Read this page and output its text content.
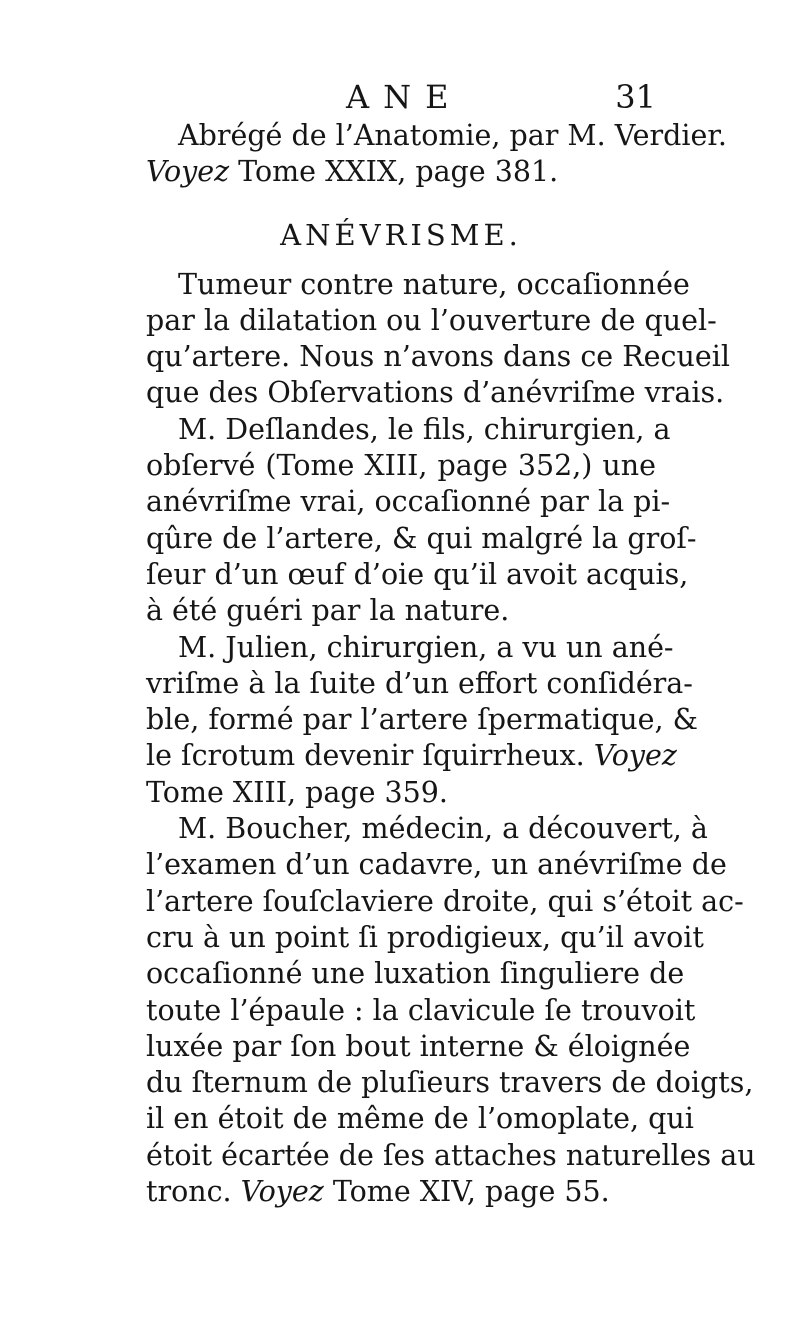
ANE	31
Abrégé de l’Anatomie, par M. Verdier.
Voyez Tome XXIX, page 381.
ANÉVRISME.
Tumeur contre nature, occaſionnée
par la dilatation ou l’ouverture de quel-
qu’artere. Nous n’avons dans ce Recueil
que des Obſervations d’anévriſme vrais.
M. Deſlandes, le fils, chirurgien, a
obſervé (Tome XIII, page 352,) une
anévriſme vrai, occaſionné par la pi-
qûre de l’artere, & qui malgré la groſ-
ſeur d’un œuf d’oie qu’il avoit acquis,
à été guéri par la nature.
M. Julien, chirurgien, a vu un ané-
vriſme à la ſuite d’un effort conſidéra-
ble, formé par l’artere ſpermatique, &
le ſcrotum devenir ſquirrheux. Voyez
Tome XIII, page 359.
M. Boucher, médecin, a découvert, à
l’examen d’un cadavre, un anévriſme de
l’artere ſouſclaviere droite, qui s’étoit ac-
cru à un point ſi prodigieux, qu’il avoit
occaſionné une luxation ſinguliere de
toute l’épaule : la clavicule ſe trouvoit
luxée par ſon bout interne & éloignée
du ſternum de pluſieurs travers de doigts,
il en étoit de même de l’omoplate, qui
étoit écartée de ſes attaches naturelles au
tronc. Voyez Tome XIV, page 55.
